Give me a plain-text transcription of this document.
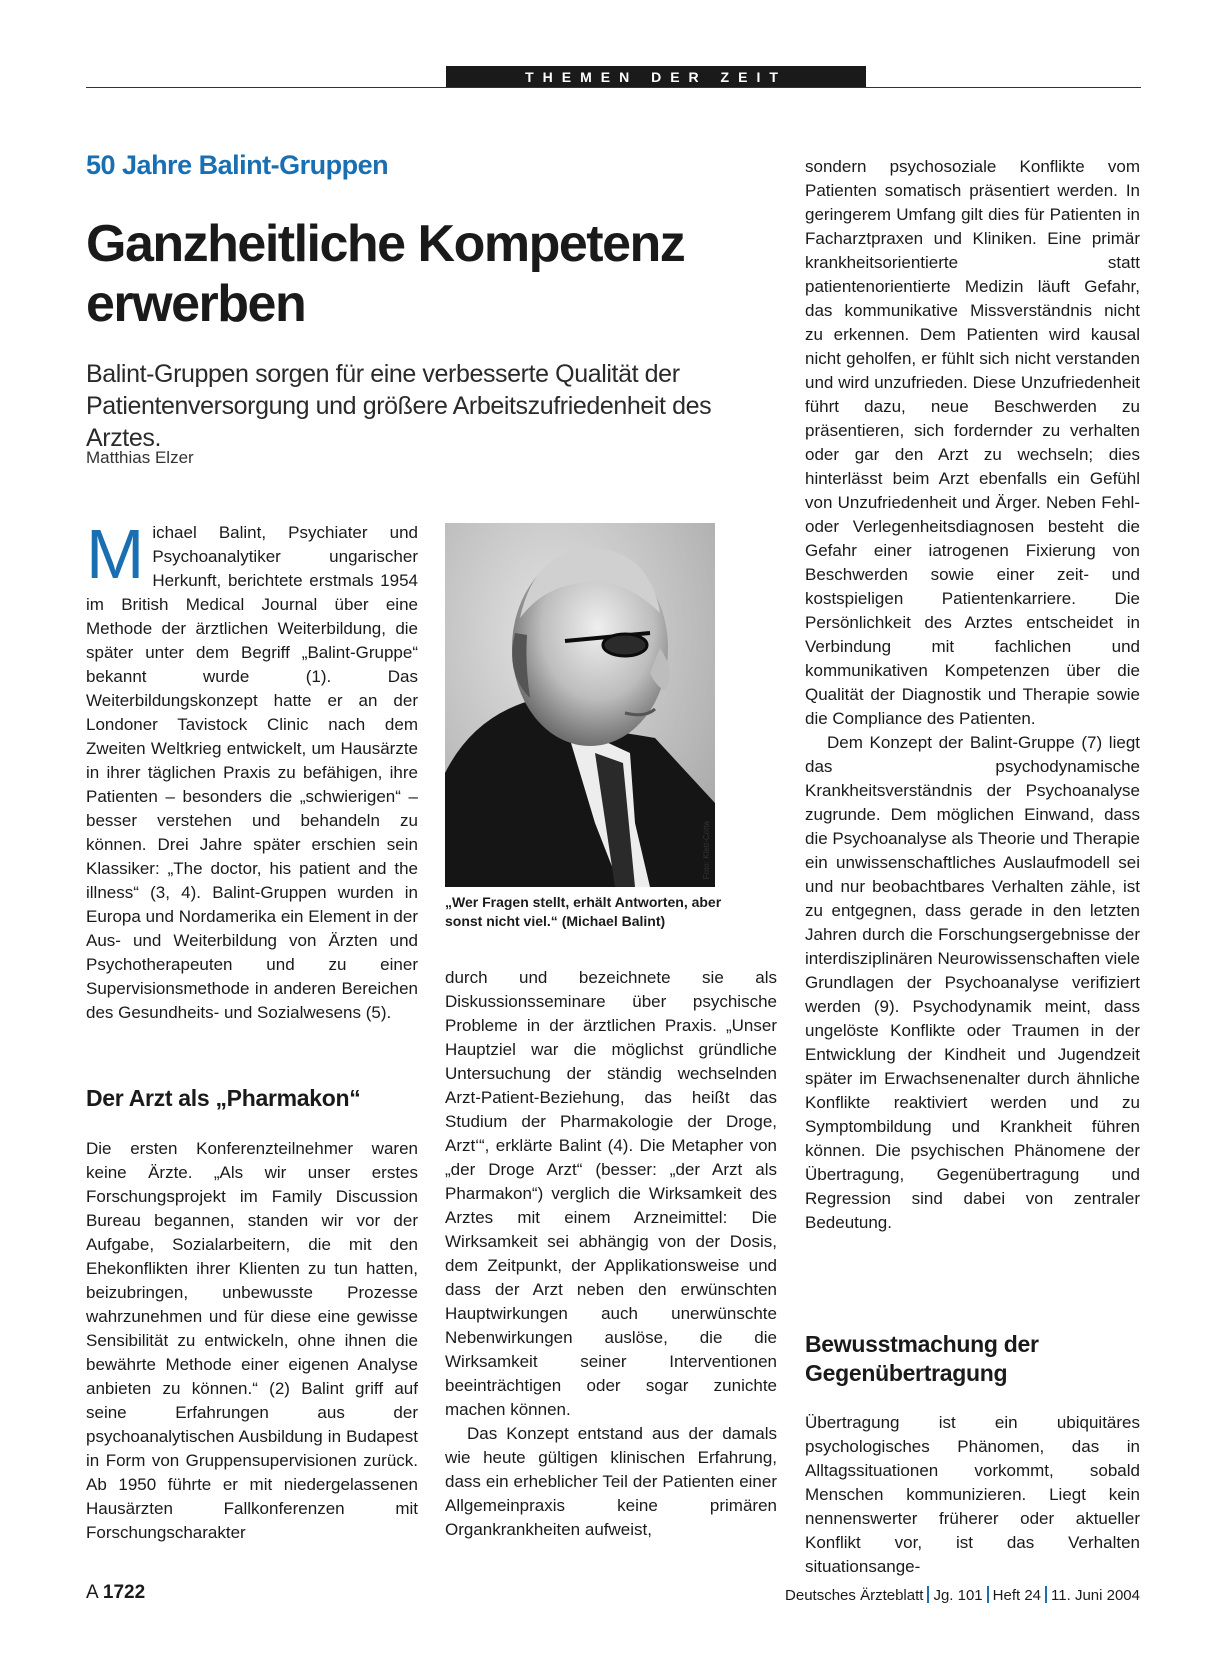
THEMEN DER ZEIT
50 Jahre Balint-Gruppen
Ganzheitliche Kompetenz erwerben
Balint-Gruppen sorgen für eine verbesserte Qualität der Patientenversorgung und größere Arbeitszufriedenheit des Arztes.
Matthias Elzer

Michael Balint, Psychiater und Psychoanalytiker ungarischer Herkunft, berichtete erstmals 1954 im British Medical Journal über eine Methode der ärztlichen Weiterbildung, die später unter dem Begriff „Balint-Gruppe“ bekannt wurde (1). Das Weiterbildungskonzept hatte er an der Londoner Tavistock Clinic nach dem Zweiten Weltkrieg entwickelt, um Hausärzte in ihrer täglichen Praxis zu befähigen, ihre Patienten – besonders die „schwierigen“ – besser verstehen und behandeln zu können. Drei Jahre später erschien sein Klassiker: „The doctor, his patient and the illness“ (3, 4). Balint-Gruppen wurden in Europa und Nordamerika ein Element in der Aus- und Weiterbildung von Ärzten und Psychotherapeuten und zu einer Supervisionsmethode in anderen Bereichen des Gesundheits- und Sozialwesens (5).

Der Arzt als „Pharmakon“

Die ersten Konferenzteilnehmer waren keine Ärzte. „Als wir unser erstes Forschungsprojekt im Family Discussion Bureau begannen, standen wir vor der Aufgabe, Sozialarbeitern, die mit den Ehekonflikten ihrer Klienten zu tun hatten, beizubringen, unbewusste Prozesse wahrzunehmen und für diese eine gewisse Sensibilität zu entwickeln, ohne ihnen die bewährte Methode einer eigenen Analyse anbieten zu können.“ (2) Balint griff auf seine Erfahrungen aus der psychoanalytischen Ausbildung in Budapest in Form von Gruppensupervisionen zurück. Ab 1950 führte er mit niedergelassenen Hausärzten Fallkonferenzen mit Forschungscharakter

Foto: Klett-Cotta
„Wer Fragen stellt, erhält Antworten, aber sonst nicht viel.“ (Michael Balint)

durch und bezeichnete sie als Diskussionsseminare über psychische Probleme in der ärztlichen Praxis. „Unser Hauptziel war die möglichst gründliche Untersuchung der ständig wechselnden Arzt-Patient-Beziehung, das heißt das Studium der Pharmakologie der Droge, Arzt‘“, erklärte Balint (4). Die Metapher von „der Droge Arzt“ (besser: „der Arzt als Pharmakon“) verglich die Wirksamkeit des Arztes mit einem Arzneimittel: Die Wirksamkeit sei abhängig von der Dosis, dem Zeitpunkt, der Applikationsweise und dass der Arzt neben den erwünschten Hauptwirkungen auch unerwünschte Nebenwirkungen auslöse, die die Wirksamkeit seiner Interventionen beeinträchtigen oder sogar zunichte machen können.

Das Konzept entstand aus der damals wie heute gültigen klinischen Erfahrung, dass ein erheblicher Teil der Patienten einer Allgemeinpraxis keine primären Organkrankheiten aufweist,

sondern psychosoziale Konflikte vom Patienten somatisch präsentiert werden. In geringerem Umfang gilt dies für Patienten in Facharztpraxen und Kliniken. Eine primär krankheitsorientierte statt patientenorientierte Medizin läuft Gefahr, das kommunikative Missverständnis nicht zu erkennen. Dem Patienten wird kausal nicht geholfen, er fühlt sich nicht verstanden und wird unzufrieden. Diese Unzufriedenheit führt dazu, neue Beschwerden zu präsentieren, sich fordernder zu verhalten oder gar den Arzt zu wechseln; dies hinterlässt beim Arzt ebenfalls ein Gefühl von Unzufriedenheit und Ärger. Neben Fehl- oder Verlegenheitsdiagnosen besteht die Gefahr einer iatrogenen Fixierung von Beschwerden sowie einer zeit- und kostspieligen Patientenkarriere. Die Persönlichkeit des Arztes entscheidet in Verbindung mit fachlichen und kommunikativen Kompetenzen über die Qualität der Diagnostik und Therapie sowie die Compliance des Patienten.

Dem Konzept der Balint-Gruppe (7) liegt das psychodynamische Krankheitsverständnis der Psychoanalyse zugrunde. Dem möglichen Einwand, dass die Psychoanalyse als Theorie und Therapie ein unwissenschaftliches Auslaufmodell sei und nur beobachtbares Verhalten zähle, ist zu entgegnen, dass gerade in den letzten Jahren durch die Forschungsergebnisse der interdisziplinären Neurowissenschaften viele Grundlagen der Psychoanalyse verifiziert werden (9). Psychodynamik meint, dass ungelöste Konflikte oder Traumen in der Entwicklung der Kindheit und Jugendzeit später im Erwachsenenalter durch ähnliche Konflikte reaktiviert werden und zu Symptombildung und Krankheit führen können. Die psychischen Phänomene der Übertragung, Gegenübertragung und Regression sind dabei von zentraler Bedeutung.

Bewusstmachung der Gegenübertragung

Übertragung ist ein ubiquitäres psychologisches Phänomen, das in Alltagssituationen vorkommt, sobald Menschen kommunizieren. Liegt kein nennenswerter früherer oder aktueller Konflikt vor, ist das Verhalten situationsange-

A 1722	Deutsches Ärzteblatt Jg. 101 Heft 24 11. Juni 2004
